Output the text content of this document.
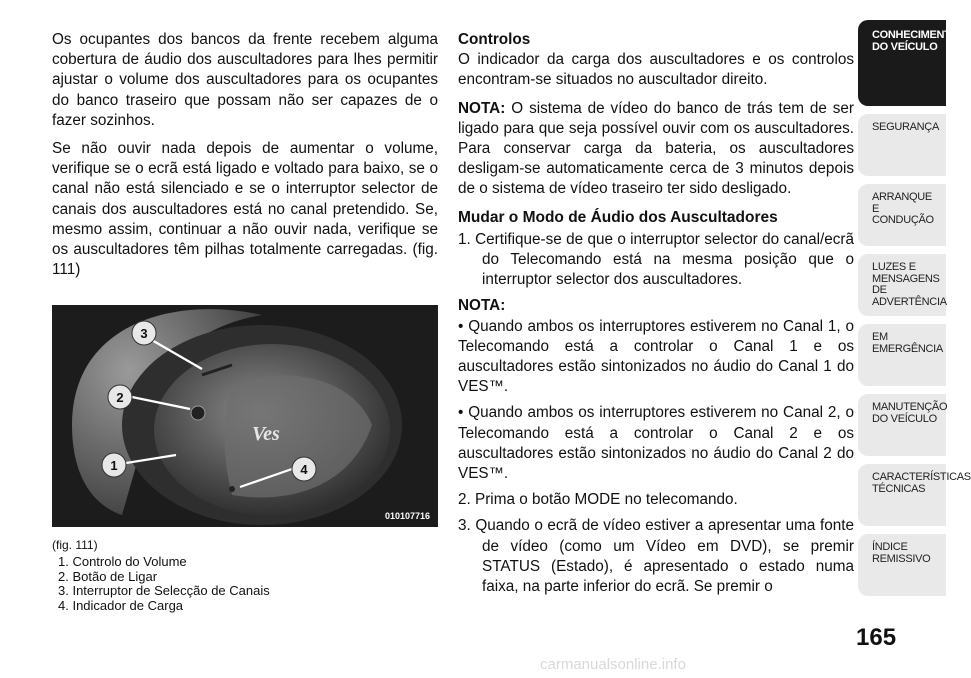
Os ocupantes dos bancos da frente recebem alguma cobertura de áudio dos auscultadores para lhes permitir ajustar o volume dos auscultadores para os ocupantes do banco traseiro que possam não ser capazes de o fazer sozinhos.

Se não ouvir nada depois de aumentar o volume, verifique se o ecrã está ligado e voltado para baixo, se o canal não está silenciado e se o interruptor selector de canais dos auscultadores está no canal pretendido. Se, mesmo assim, continuar a não ouvir nada, verifique se os auscultadores têm pilhas totalmente carregadas. (fig. 111)

Ves
3
2
1	4
010107716
(fig. 111)
1. Controlo do Volume
2. Botão de Ligar
3. Interruptor de Selecção de Canais
4. Indicador de Carga
Controlos

O indicador da carga dos auscultadores e os controlos encontram-se situados no auscultador direito.

NOTA: O sistema de vídeo do banco de trás tem de ser ligado para que seja possível ouvir com os auscultadores. Para conservar carga da bateria, os auscultadores desligam-se automaticamente cerca de 3 minutos depois de o sistema de vídeo traseiro ter sido desligado.

Mudar o Modo de Áudio dos Auscultadores

1. Certifique-se de que o interruptor selector do canal/ecrã do Telecomando está na mesma posição que o interruptor selector dos auscultadores.

NOTA:

• Quando ambos os interruptores estiverem no Canal 1, o Telecomando está a controlar o Canal 1 e os auscultadores estão sintonizados no áudio do Canal 1 do VES™.

• Quando ambos os interruptores estiverem no Canal 2, o Telecomando está a controlar o Canal 2 e os auscultadores estão sintonizados no áudio do Canal 2 do VES™.

2. Prima o botão MODE no telecomando.

3. Quando o ecrã de vídeo estiver a apresentar uma fonte de vídeo (como um Vídeo em DVD), se premir STATUS (Estado), é apresentado o estado numa faixa, na parte inferior do ecrã. Se premir o

CONHECIMENTO DO VEÍCULO
SEGURANÇA
ARRANQUE E CONDUÇÃO
LUZES E MENSAGENS DE ADVERTÊNCIA
EM EMERGÊNCIA
MANUTENÇÃO DO VEÍCULO
CARACTERÍSTICAS TÉCNICAS
ÍNDICE REMISSIVO
165
carmanualsonline.info
